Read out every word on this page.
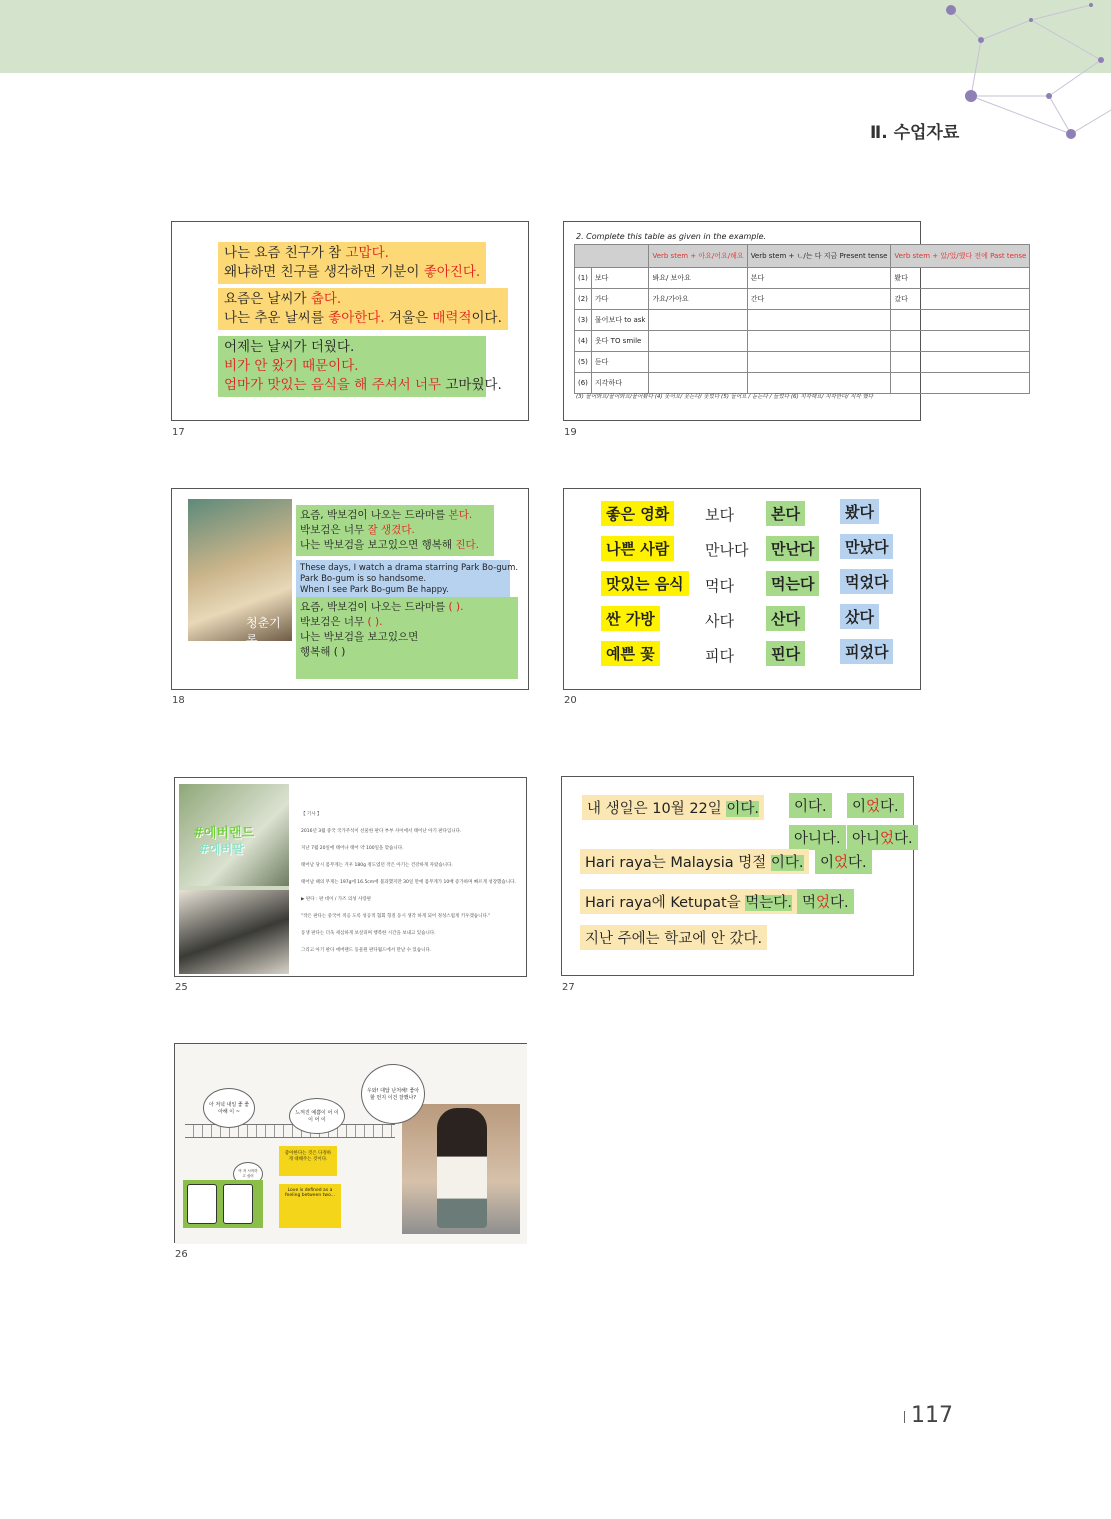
Ⅱ. 수업자료
나는 요즘 친구가 참 고맙다.
왜냐하면 친구를 생각하면 기분이 좋아진다.
요즘은 날씨가 춥다.
나는 추운 날씨를 좋아한다. 겨울은 매력적이다.
어제는 날씨가 더웠다.
비가 안 왔기 때문이다.
엄마가 맛있는 음식을 해 주셔서 너무 고마웠다.
17
2. Complete this table as given in the example.
		Verb stem + 아요/어요/해요	Verb stem + ㄴ/는 다 지금 Present tense	Verb stem + 았/었/했다 전에 Past tense
(1)	보다	봐요/ 보아요	본다	봤다
(2)	가다	가요/가아요	간다	갔다
(3)	물어보다 to ask			
(4)	웃다 TO smile			
(5)	듣다			
(6)	지각하다			
(3) 물어봐요/물어봐요/물어봤다 (4) 웃어요/ 웃는다/ 웃었다 (5) 들어요 / 듣는다 / 들었다 (6) 지각해요/ 지각한다/ 지각 했다
19
청춘기록
요즘, 박보검이 나오는 드라마를 본다.
박보검은 너무 잘 생겼다.
나는 박보검을 보고있으면 행복해 진다.
These days, I watch a drama starring Park Bo-gum.
Park Bo-gum is so handsome.
When I see Park Bo-gum Be happy.
요즘, 박보검이 나오는 드라마를 ( ).
박보검은 너무 ( ).
나는 박보검을 보고있으면
행복해 ( )
18
좋은 영화	보다	본다	봤다
나쁜 사람	만나다	만난다	만났다
맛있는 음식	먹다	먹는다	먹었다
싼 가방	사다	산다	샀다
예쁜 꽃	피다	핀다	피었다
20
#에버랜드
#에버팔
【 기사 】
2016년 3월 중국 국가주석이 선물한 판다 부부 사이에서 태어난 아기 판다입니다.
지난 7월 20일에 태어나 태어 약 100일을 맞습니다.
태어날 당시 몸무게는 겨우 180g 정도였던 작은 아기는 건강하게 자랐습니다.
태어날 때의 무게는 197g에 16.5cm에 불과했지만 30일 만에 몸무게가 10배 증가하며 빠르게 성장했습니다.
▶ 판다 : 판 데이 / 가즈 의성 사랑판
"작은 판다는 중국어 적응 도록 성공적 협회 형질 동시 생각 하게 되어 정성스럽게 키우겠습니다."
동생 판다는 더욱 세심하게 보살피며 행복한 시간을 보내고 있습니다.
그리고 아기 판다 에버랜드 동물원 판다월드에서 만날 수 있습니다.
25
내 생일은 10월 22일 이다.	이다.	이었다.
아니다. 아니었다.
Hari raya는 Malaysia 명절 이다.	이었다.
Hari raya에 Ketupat을 먹는다. 먹었다.
지난 주에는 학교에 안 갔다.
27
아 저녁 내일 좋 좋아해 이 ~	느껴진 예쁨이 어 이 이 어 이
우와! 대답 난처해! 좋아할 먼지 이건 잘했나?
좋아한다는 것은 다정하게 대해주는 것이다.
Love is defined as a feeling between two...
아 저 시작하고 싶어
26
117
